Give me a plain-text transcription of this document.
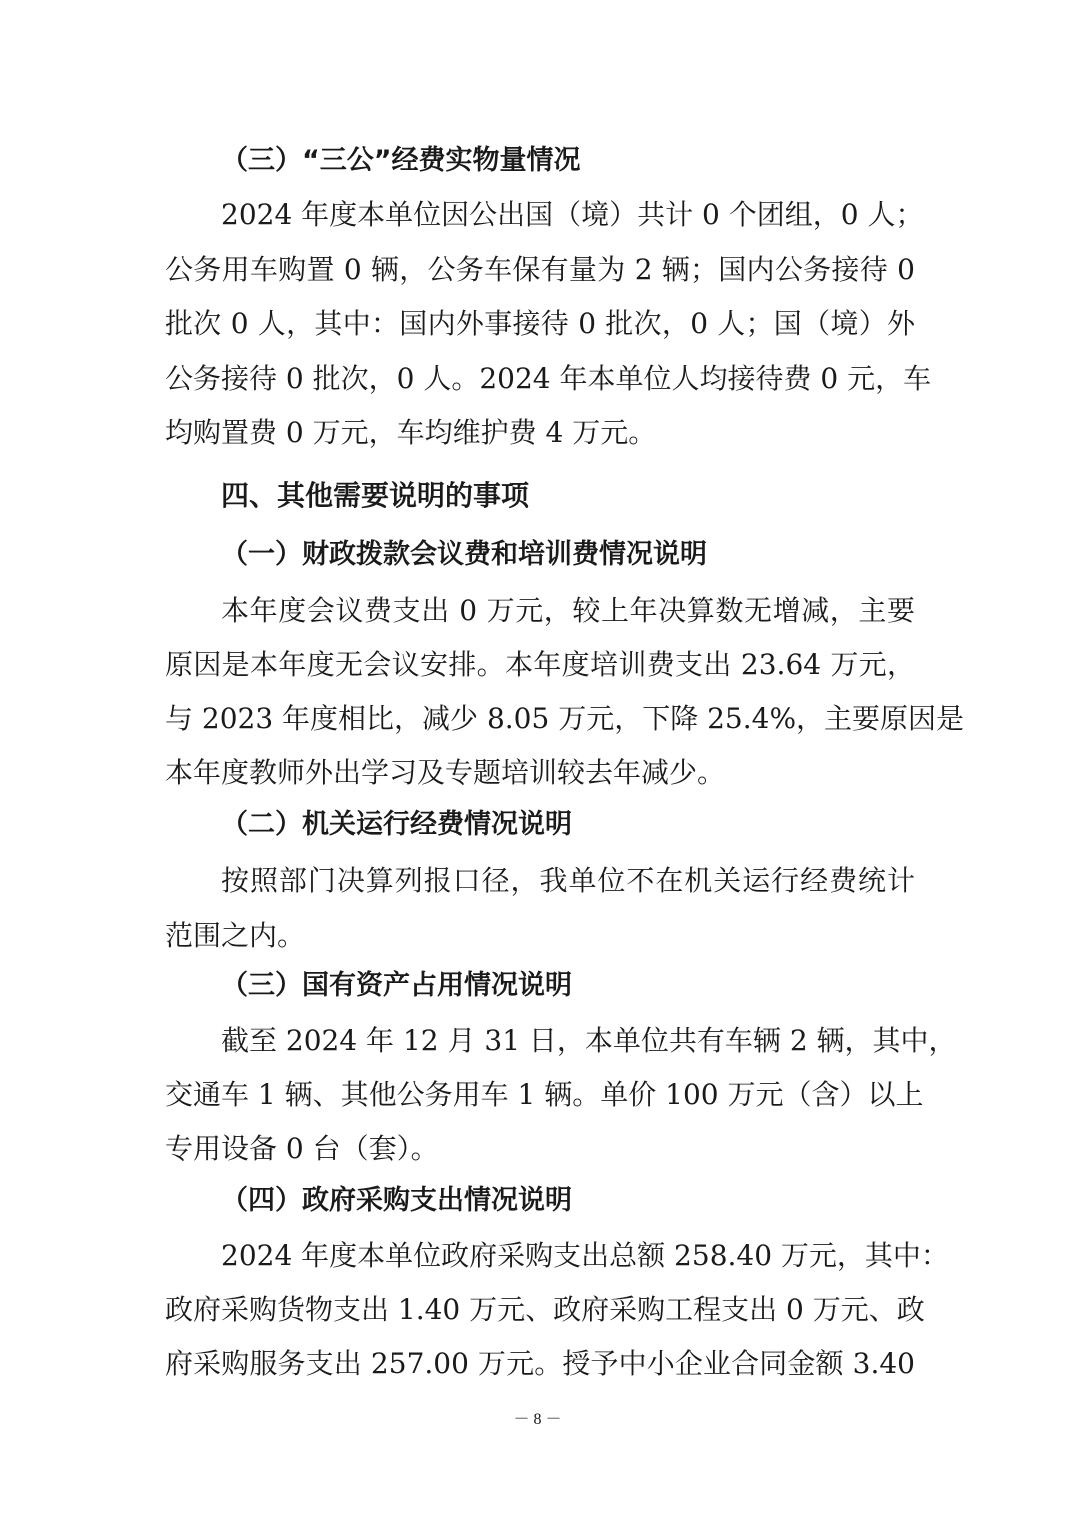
（三）“三公”经费实物量情况
2024 年度本单位因公出国（境）共计 0 个团组，0 人；
公务用车购置 0 辆，公务车保有量为 2 辆；国内公务接待 0
批次 0 人，其中：国内外事接待 0 批次，0 人；国（境）外
公务接待 0 批次，0 人。2024 年本单位人均接待费 0 元，车
均购置费 0 万元，车均维护费 4 万元。
四、其他需要说明的事项
（一）财政拨款会议费和培训费情况说明
本年度会议费支出 0 万元，较上年决算数无增减，主要
原因是本年度无会议安排。本年度培训费支出 23.64 万元，
与 2023 年度相比，减少 8.05 万元，下降 25.4%，主要原因是
本年度教师外出学习及专题培训较去年减少。
（二）机关运行经费情况说明
按照部门决算列报口径，我单位不在机关运行经费统计
范围之内。
（三）国有资产占用情况说明
截至 2024 年 12 月 31 日，本单位共有车辆 2 辆，其中，
交通车 1 辆、其他公务用车 1 辆。单价 100 万元（含）以上
专用设备 0 台（套）。
（四）政府采购支出情况说明
2024 年度本单位政府采购支出总额 258.40 万元，其中：
政府采购货物支出 1.40 万元、政府采购工程支出 0 万元、政
府采购服务支出 257.00 万元。授予中小企业合同金额 3.40
－ 8 －
